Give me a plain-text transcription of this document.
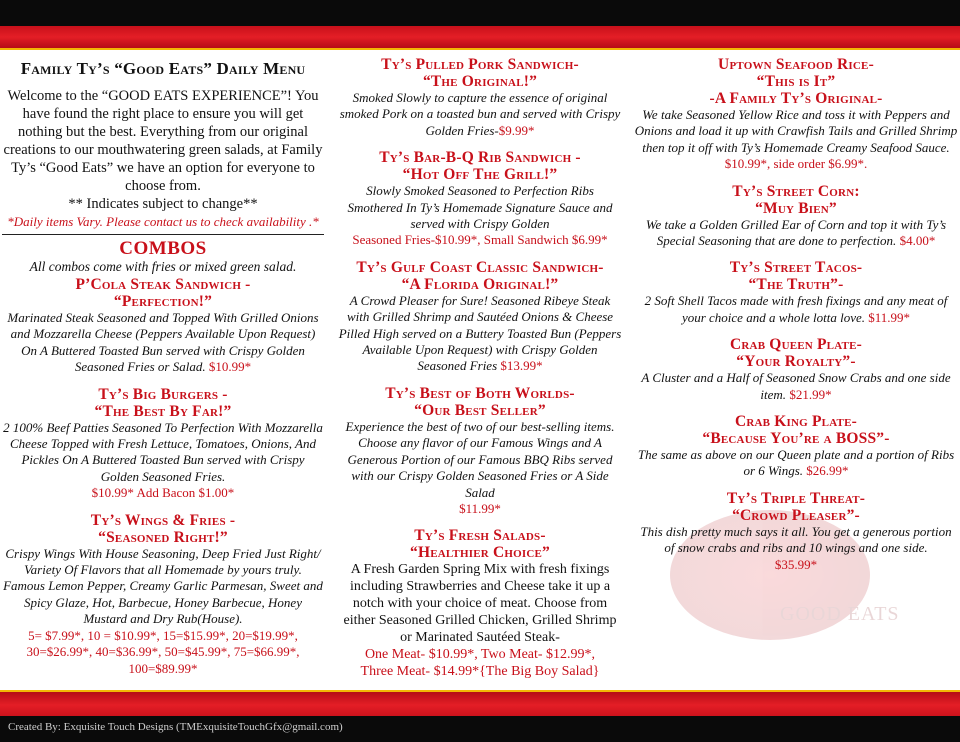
GOOD EATS
Family Ty’s “Good Eats” Daily Menu

Welcome to the “GOOD EATS EXPERIENCE”! You have found the right place to ensure you will get nothing but the best. Everything from our original creations to our mouthwatering green salads, at Family Ty’s “Good Eats” we have an option for everyone to choose from.

** Indicates subject to change**

*Daily items Vary. Please contact us to check availability .*

COMBOS
All combos come with fries or mixed green salad.
P’Cola Steak Sandwich -
“Perfection!”
Marinated Steak Seasoned and Topped With Grilled Onions and Mozzarella Cheese (Peppers Available Upon Request) On A Buttered Toasted Bun served with Crispy Golden Seasoned Fries or Salad. $10.99*
Ty’s Big Burgers -
“The Best By Far!”
2 100% Beef Patties Seasoned To Perfection With Mozzarella Cheese Topped with Fresh Lettuce, Tomatoes, Onions, And Pickles On A Buttered Toasted Bun served with Crispy Golden Seasoned Fries.
$10.99* Add Bacon $1.00*
Ty’s Wings & Fries -
“Seasoned Right!”
Crispy Wings With House Seasoning, Deep Fried Just Right/ Variety Of Flavors that all Homemade by yours truly. Famous Lemon Pepper, Creamy Garlic Parmesan, Sweet and Spicy Glaze, Hot, Barbecue, Honey Barbecue, Honey Mustard and Dry Rub(House).
5= $7.99*, 10 = $10.99*, 15=$15.99*, 20=$19.99*,
30=$26.99*, 40=$36.99*, 50=$45.99*, 75=$66.99*,
100=$89.99*
Ty’s Pulled Pork Sandwich-
“The Original!”
Smoked Slowly to capture the essence of original smoked Pork on a toasted bun and served with Crispy Golden Fries-$9.99*
Ty’s Bar-B-Q Rib Sandwich -
“Hot Off The Grill!”
Slowly Smoked Seasoned to Perfection Ribs Smothered In Ty’s Homemade Signature Sauce and served with Crispy Golden
Seasoned Fries-$10.99*, Small Sandwich $6.99*
Ty’s Gulf Coast Classic Sandwich-
“A Florida Original!”
A Crowd Pleaser for Sure! Seasoned Ribeye Steak with Grilled Shrimp and Sautéed Onions & Cheese Pilled High served on a Buttery Toasted Bun (Peppers Available Upon Request) with Crispy Golden Seasoned Fries $13.99*
Ty’s Best of Both Worlds-
“Our Best Seller”
Experience the best of two of our best-selling items. Choose any flavor of our Famous Wings and A Generous Portion of our Famous BBQ Ribs served with our Crispy Golden Seasoned Fries or A Side Salad
$11.99*
Ty’s Fresh Salads-
“Healthier Choice”
A Fresh Garden Spring Mix with fresh fixings including Strawberries and Cheese take it up a notch with your choice of meat. Choose from either Seasoned Grilled Chicken, Grilled Shrimp or Marinated Sautéed Steak-
One Meat- $10.99*, Two Meat- $12.99*,
Three Meat- $14.99*{The Big Boy Salad}
Uptown Seafood Rice-
“This is It”
-A Family Ty’s Original-
We take Seasoned Yellow Rice and toss it with Peppers and Onions and load it up with Crawfish Tails and Grilled Shrimp then top it off with Ty’s Homemade Creamy Seafood Sauce.
$10.99*, side order $6.99*.
Ty’s Street Corn:
“Muy Bien”
We take a Golden Grilled Ear of Corn and top it with Ty’s Special Seasoning that are done to perfection. $4.00*
Ty’s Street Tacos-
“The Truth”-
2 Soft Shell Tacos made with fresh fixings and any meat of your choice and a whole lotta love. $11.99*
Crab Queen Plate-
“Your Royalty”-
A Cluster and a Half of Seasoned Snow Crabs and one side item. $21.99*
Crab King Plate-
“Because You’re a BOSS”-
The same as above on our Queen plate and a portion of Ribs or 6 Wings. $26.99*
Ty’s Triple Threat-
“Crowd Pleaser”-
This dish pretty much says it all. You get a generous portion of snow crabs and ribs and 10 wings and one side.
$35.99*
Created By: Exquisite Touch Designs (TMExquisiteTouchGfx@gmail.com)
